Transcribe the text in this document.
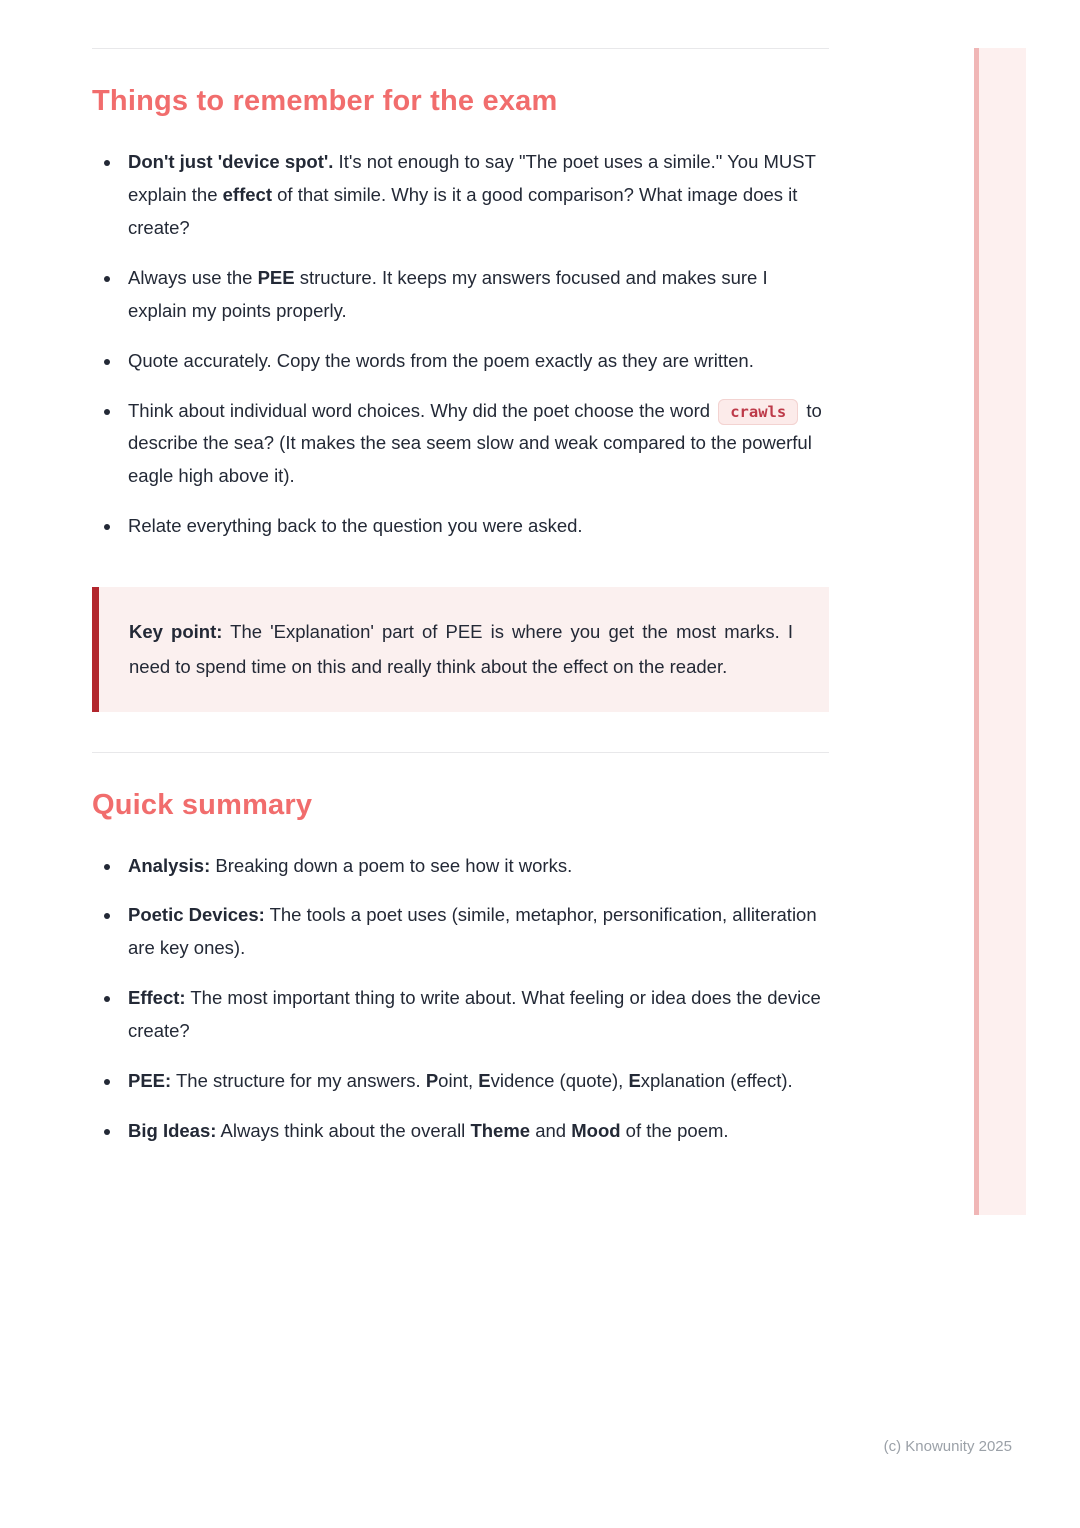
Things to remember for the exam
• Don't just 'device spot'. It's not enough to say "The poet uses a simile." You MUST explain the effect of that simile. Why is it a good comparison? What image does it create?
• Always use the PEE structure. It keeps my answers focused and makes sure I explain my points properly.
• Quote accurately. Copy the words from the poem exactly as they are written.
• Think about individual word choices. Why did the poet choose the word crawls to describe the sea? (It makes the sea seem slow and weak compared to the powerful eagle high above it).
• Relate everything back to the question you were asked.

Key point: The 'Explanation' part of PEE is where you get the most marks. I need to spend time on this and really think about the effect on the reader.

Quick summary
• Analysis: Breaking down a poem to see how it works.
• Poetic Devices: The tools a poet uses (simile, metaphor, personification, alliteration are key ones).
• Effect: The most important thing to write about. What feeling or idea does the device create?
• PEE: The structure for my answers. Point, Evidence (quote), Explanation (effect).
• Big Ideas: Always think about the overall Theme and Mood of the poem.
(c) Knowunity 2025
